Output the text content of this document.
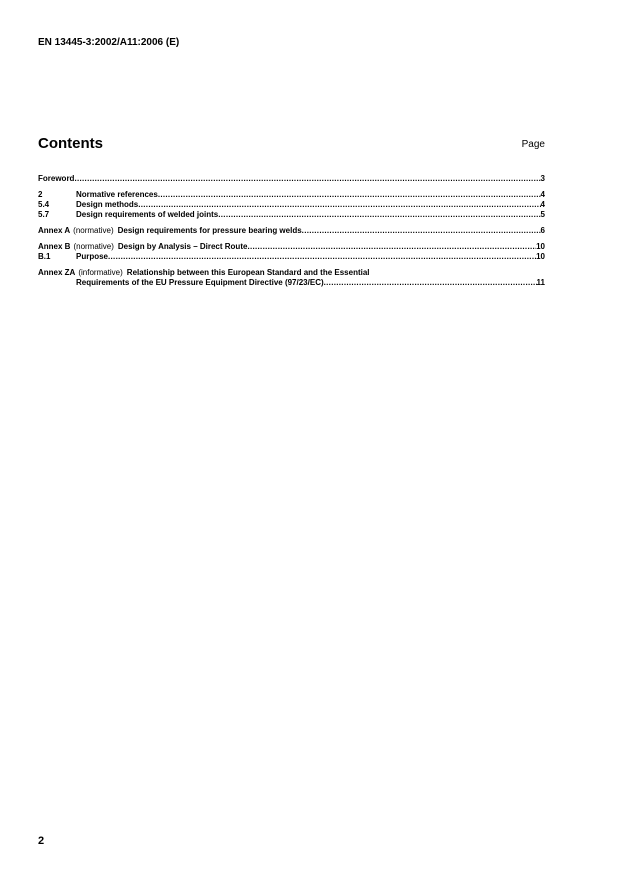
EN 13445-3:2002/A11:2006 (E)
Contents	Page
Foreword .....	3
2	Normative references .....	4
5.4	Design methods .....	4
5.7	Design requirements of welded joints .....	5
Annex A (normative) Design requirements for pressure bearing welds .....	6
Annex B (normative) Design by Analysis – Direct Route .....	10
B.1	Purpose .....	10
Annex ZA (informative) Relationship between this European Standard and the Essential
Requirements of the EU Pressure Equipment Directive (97/23/EC) .....	11
2
